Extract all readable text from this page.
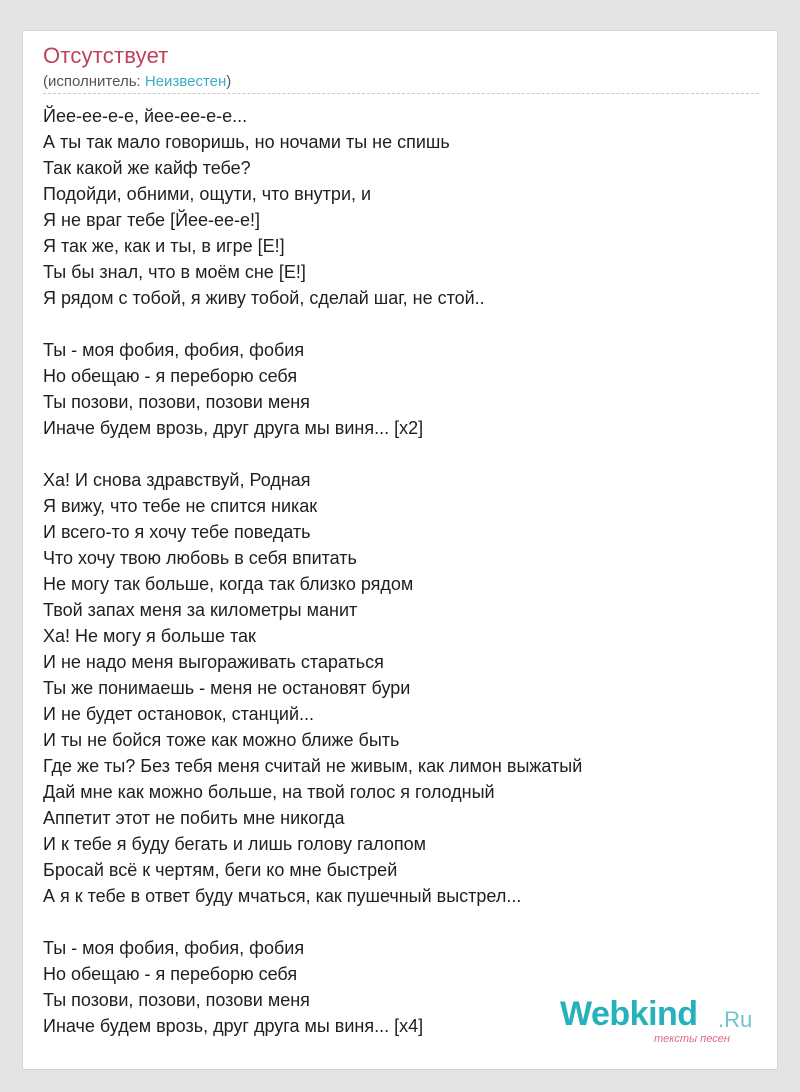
Отсутствует
(исполнитель: Неизвестен)
Йее-ее-е-е, йее-ее-е-е...
А ты так мало говоришь, но ночами ты не спишь
Так какой же кайф тебе?
Подойди, обними, ощути, что внутри, и
Я не враг тебе [Йее-ее-е!]
Я так же, как и ты, в игре [Е!]
Ты бы знал, что в моём сне [Е!]
Я рядом с тобой, я живу тобой, сделай шаг, не стой..
Ты - моя фобия, фобия, фобия
Но обещаю - я переборю себя
Ты позови, позови, позови меня
Иначе будем врозь, друг друга мы виня... [x2]
Ха! И снова здравствуй, Родная
Я вижу, что тебе не спится никак
И всего-то я хочу тебе поведать
Что хочу твою любовь в себя впитать
Не могу так больше, когда так близко рядом
Твой запах меня за километры манит
Ха! Не могу я больше так
И не надо меня выгораживать стараться
Ты же понимаешь - меня не остановят бури
И не будет остановок, станций...
И ты не бойся тоже как можно ближе быть
Где же ты? Без тебя меня считай не живым, как лимон выжатый
Дай мне как можно больше, на твой голос я голодный
Аппетит этот не побить мне никогда
И к тебе я буду бегать и лишь голову галопом
Бросай всё к чертям, беги ко мне быстрей
А я к тебе в ответ буду мчаться, как пушечный выстрел...
Ты - моя фобия, фобия, фобия
Но обещаю - я переборю себя
Ты позови, позови, позови меня
Иначе будем врозь, друг друга мы виня... [x4]	Webkind .Ru
тексты песен
